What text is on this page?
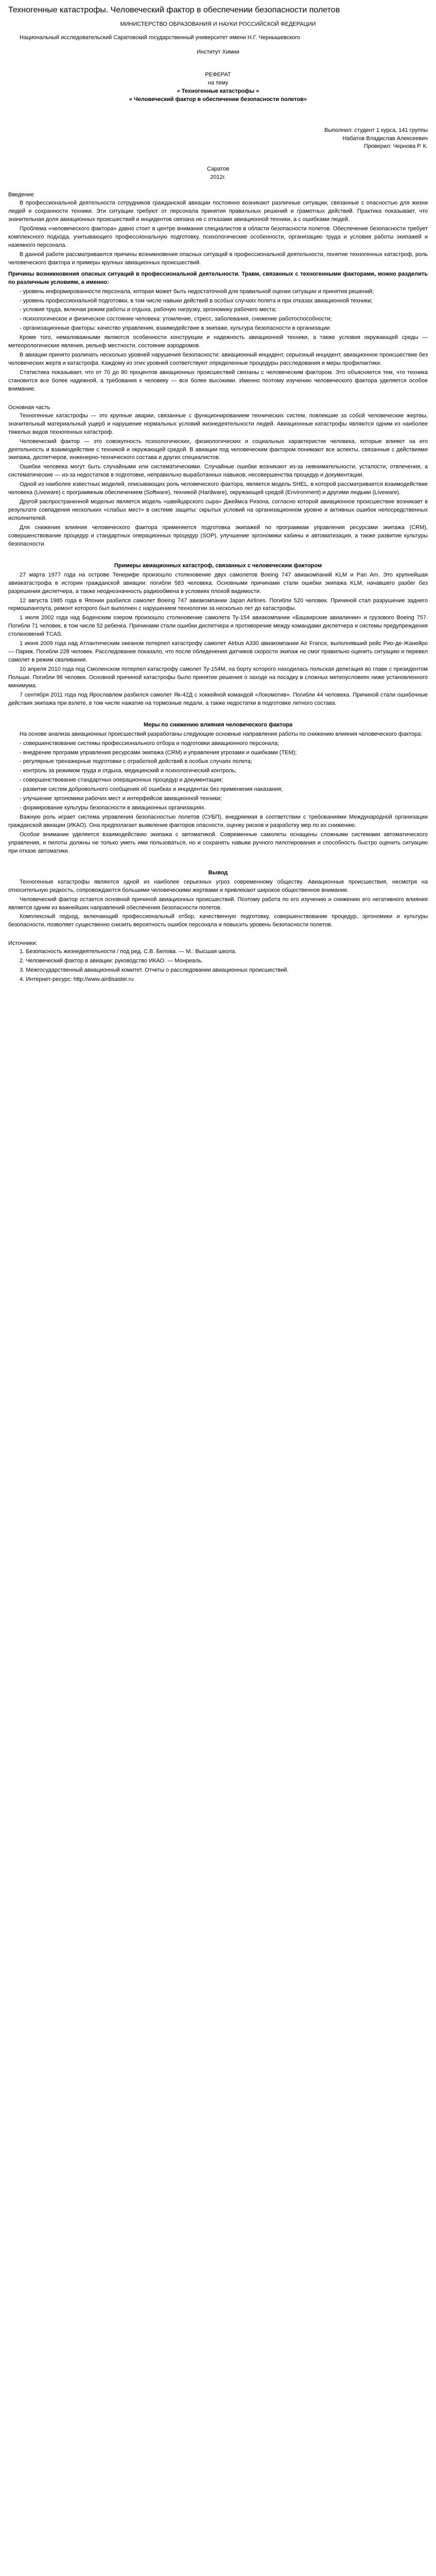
Техногенные катастрофы. Человеческий фактор в обеспечении безопасности полетов

МИНИСТЕРСТВО ОБРАЗОВАНИЯ И НАУКИ РОССИЙСКОЙ ФЕДЕРАЦИИ

Национальный исследовательский Саратовский государственный университет имени Н.Г. Чернышевского

Институт Химии

РЕФЕРАТ

на тему

« Техногенные катастрофы »

« Человеческий фактор в обеспечении безопасности полетов»

Выполнил: студент 1 курса, 141 группы

Набатов Владислав Алексеевич

Проверил: Чернова Р. К.

Саратов

2012г.

Введение

В профессиональной деятельности сотрудников гражданской авиации постоянно возникают различные ситуации, связанные с опасностью для жизни людей и сохранности техники. Эти ситуации требуют от персонала принятия правильных решений и грамотных действий. Практика показывает, что значительная доля авиационных происшествий и инцидентов связана не с отказами авиационной техники, а с ошибками людей.

Проблема «человеческого фактора» давно стоит в центре внимания специалистов в области безопасности полетов. Обеспечение безопасности требует комплексного подхода, учитывающего профессиональную подготовку, психологические особенности, организацию труда и условия работы экипажей и наземного персонала.

В данной работе рассматриваются причины возникновения опасных ситуаций в профессиональной деятельности, понятие техногенных катастроф, роль человеческого фактора и примеры крупных авиационных происшествий.

Причины возникновения опасных ситуаций в профессиональной деятельности. Травм, связанных с техногенными факторами, можно разделить по различным условиям, а именно:

- уровень информированности персонала, которая может быть недостаточной для правильной оценки ситуации и принятия решений;

- уровень профессиональной подготовки, в том числе навыки действий в особых случаях полета и при отказах авиационной техники;

- условия труда, включая режим работы и отдыха, рабочую нагрузку, эргономику рабочего места;

- психологическое и физическое состояние человека: утомление, стресс, заболевания, снижение работоспособности;

- организационные факторы: качество управления, взаимодействие в экипаже, культура безопасности в организации.

Кроме того, немаловажными являются особенности конструкции и надежность авиационной техники, а также условия окружающей среды — метеорологические явления, рельеф местности, состояние аэродромов.

В авиации принято различать несколько уровней нарушения безопасности: авиационный инцидент, серьезный инцидент, авиационное происшествие без человеческих жертв и катастрофа. Каждому из этих уровней соответствуют определенные процедуры расследования и меры профилактики.

Статистика показывает, что от 70 до 80 процентов авиационных происшествий связаны с человеческим фактором. Это объясняется тем, что техника становится все более надежной, а требования к человеку — все более высокими. Именно поэтому изучению человеческого фактора уделяется особое внимание.

Основная часть

Техногенные катастрофы — это крупные аварии, связанные с функционированием технических систем, повлекшие за собой человеческие жертвы, значительный материальный ущерб и нарушение нормальных условий жизнедеятельности людей. Авиационные катастрофы являются одним из наиболее тяжелых видов техногенных катастроф.

Человеческий фактор — это совокупность психологических, физиологических и социальных характеристик человека, которые влияют на его деятельность и взаимодействие с техникой и окружающей средой. В авиации под человеческим фактором понимают все аспекты, связанные с действиями экипажа, диспетчеров, инженерно-технического состава и других специалистов.

Ошибки человека могут быть случайными или систематическими. Случайные ошибки возникают из-за невнимательности, усталости, отвлечения, а систематические — из-за недостатков в подготовке, неправильно выработанных навыков, несовершенства процедур и документации.

Одной из наиболее известных моделей, описывающих роль человеческого фактора, является модель SHEL, в которой рассматривается взаимодействие человека (Liveware) с программным обеспечением (Software), техникой (Hardware), окружающей средой (Environment) и другими людьми (Liveware).

Другой распространенной моделью является модель «швейцарского сыра» Джеймса Ризона, согласно которой авиационное происшествие возникает в результате совпадения нескольких «слабых мест» в системе защиты: скрытых условий на организационном уровне и активных ошибок непосредственных исполнителей.

Для снижения влияния человеческого фактора применяется подготовка экипажей по программам управления ресурсами экипажа (CRM), совершенствование процедур и стандартных операционных процедур (SOP), улучшение эргономики кабины и автоматизация, а также развитие культуры безопасности.

Примеры авиационных катастроф, связанных с человеческим фактором

27 марта 1977 года на острове Тенерифе произошло столкновение двух самолетов Boeing 747 авиакомпаний KLM и Pan Am. Это крупнейшая авиакатастрофа в истории гражданской авиации: погибли 583 человека. Основными причинами стали ошибки экипажа KLM, начавшего разбег без разрешения диспетчера, а также неоднозначность радиообмена в условиях плохой видимости.

12 августа 1985 года в Японии разбился самолет Boeing 747 авиакомпании Japan Airlines. Погибли 520 человек. Причиной стал разрушение заднего гермошпангоута, ремонт которого был выполнен с нарушением технологии за несколько лет до катастрофы.

1 июля 2002 года над Боденским озером произошло столкновение самолета Ту-154 авиакомпании «Башкирские авиалинии» и грузового Boeing 757. Погибли 71 человек, в том числе 52 ребенка. Причинами стали ошибки диспетчера и противоречие между командами диспетчера и системы предупреждения столкновений TCAS.

1 июня 2009 года над Атлантическим океаном потерпел катастрофу самолет Airbus A330 авиакомпании Air France, выполнявший рейс Рио-де-Жанейро — Париж. Погибли 228 человек. Расследование показало, что после обледенения датчиков скорости экипаж не смог правильно оценить ситуацию и перевел самолет в режим сваливания.

10 апреля 2010 года под Смоленском потерпел катастрофу самолет Ту-154М, на борту которого находилась польская делегация во главе с президентом Польши. Погибли 96 человек. Основной причиной катастрофы было принятие решения о заходе на посадку в сложных метеоусловиях ниже установленного минимума.

7 сентября 2011 года под Ярославлем разбился самолет Як-42Д с хоккейной командой «Локомотив». Погибли 44 человека. Причиной стали ошибочные действия экипажа при взлете, в том числе нажатие на тормозные педали, а также недостатки в подготовке летного состава.

Меры по снижению влияния человеческого фактора

На основе анализа авиационных происшествий разработаны следующие основные направления работы по снижению влияния человеческого фактора:

- совершенствование системы профессионального отбора и подготовки авиационного персонала;

- внедрение программ управления ресурсами экипажа (CRM) и управления угрозами и ошибками (TEM);

- регулярные тренажерные подготовки с отработкой действий в особых случаях полета;

- контроль за режимом труда и отдыха, медицинский и психологический контроль;

- совершенствование стандартных операционных процедур и документации;

- развитие систем добровольного сообщения об ошибках и инцидентах без применения наказания;

- улучшение эргономики рабочих мест и интерфейсов авиационной техники;

- формирование культуры безопасности в авиационных организациях.

Важную роль играет система управления безопасностью полетов (СУБП), внедряемая в соответствии с требованиями Международной организации гражданской авиации (ИКАО). Она предполагает выявление факторов опасности, оценку рисков и разработку мер по их снижению.

Особое внимание уделяется взаимодействию экипажа с автоматикой. Современные самолеты оснащены сложными системами автоматического управления, и пилоты должны не только уметь ими пользоваться, но и сохранять навыки ручного пилотирования и способность быстро оценить ситуацию при отказе автоматики.

Вывод

Техногенные катастрофы являются одной из наиболее серьезных угроз современному обществу. Авиационные происшествия, несмотря на относительную редкость, сопровождаются большими человеческими жертвами и привлекают широкое общественное внимание.

Человеческий фактор остается основной причиной авиационных происшествий. Поэтому работа по его изучению и снижению его негативного влияния является одним из важнейших направлений обеспечения безопасности полетов.

Комплексный подход, включающий профессиональный отбор, качественную подготовку, совершенствование процедур, эргономики и культуры безопасности, позволяет существенно снизить вероятность ошибок персонала и повысить уровень безопасности полетов.

Источники:

1. Безопасность жизнедеятельности / под ред. С.В. Белова. — М.: Высшая школа.

2. Человеческий фактор в авиации: руководство ИКАО. — Монреаль.

3. Межгосударственный авиационный комитет. Отчеты о расследовании авиационных происшествий.

4. Интернет-ресурс: http://www.airdisaster.ru
